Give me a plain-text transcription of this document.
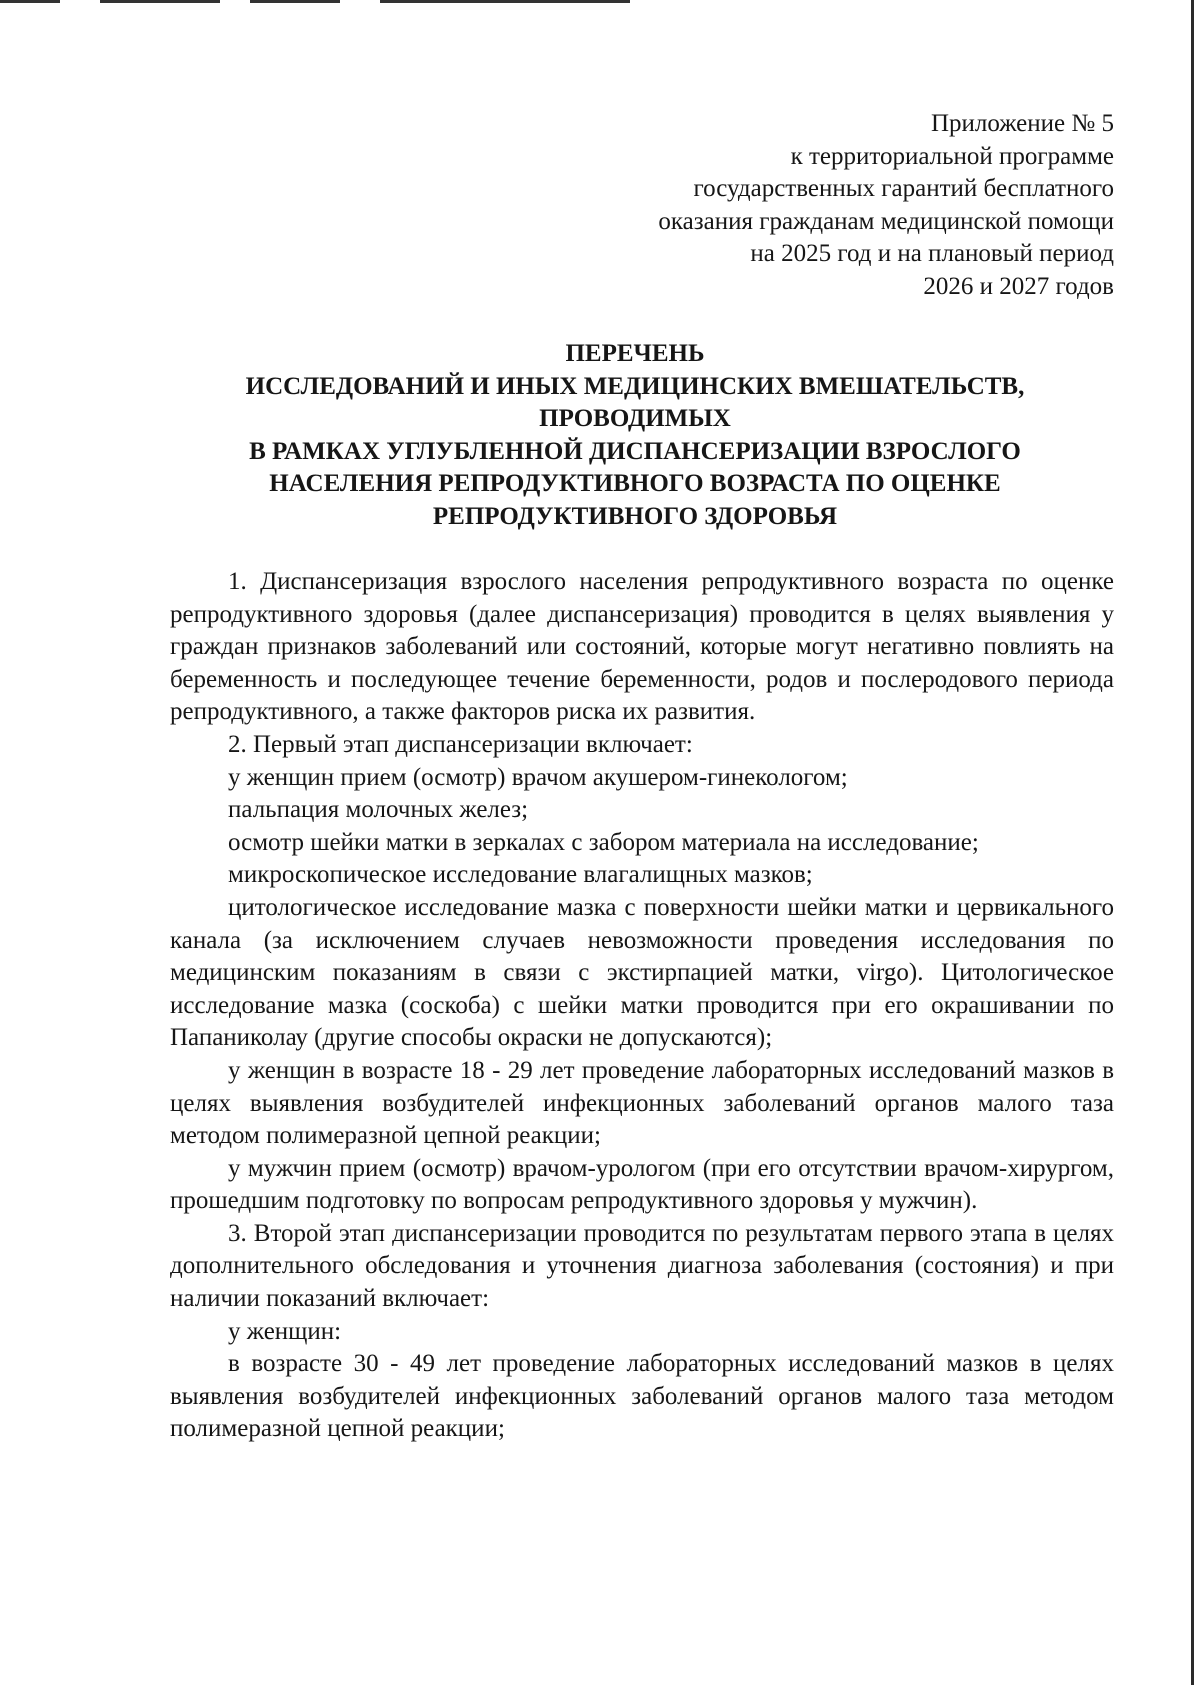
Приложение № 5
к территориальной программе
государственных гарантий бесплатного
оказания гражданам медицинской помощи
на 2025 год и на плановый период
2026 и 2027 годов
ПЕРЕЧЕНЬ
ИССЛЕДОВАНИЙ И ИНЫХ МЕДИЦИНСКИХ ВМЕШАТЕЛЬСТВ,
ПРОВОДИМЫХ
В РАМКАХ УГЛУБЛЕННОЙ ДИСПАНСЕРИЗАЦИИ ВЗРОСЛОГО
НАСЕЛЕНИЯ РЕПРОДУКТИВНОГО ВОЗРАСТА ПО ОЦЕНКЕ
РЕПРОДУКТИВНОГО ЗДОРОВЬЯ

1. Диспансеризация взрослого населения репродуктивного возраста по оценке репродуктивного здоровья (далее диспансеризация) проводится в целях выявления у граждан признаков заболеваний или состояний, которые могут негативно повлиять на беременность и последующее течение беременности, родов и послеродового периода репродуктивного, а также факторов риска их развития.

2. Первый этап диспансеризации включает:

у женщин прием (осмотр) врачом акушером-гинекологом;

пальпация молочных желез;

осмотр шейки матки в зеркалах с забором материала на исследование;

микроскопическое исследование влагалищных мазков;

цитологическое исследование мазка с поверхности шейки матки и цервикального канала (за исключением случаев невозможности проведения исследования по медицинским показаниям в связи с экстирпацией матки, virgo). Цитологическое исследование мазка (соскоба) с шейки матки проводится при его окрашивании по Папаниколау (другие способы окраски не допускаются);

у женщин в возрасте 18 - 29 лет проведение лабораторных исследований мазков в целях выявления возбудителей инфекционных заболеваний органов малого таза методом полимеразной цепной реакции;

у мужчин прием (осмотр) врачом-урологом (при его отсутствии врачом-хирургом, прошедшим подготовку по вопросам репродуктивного здоровья у мужчин).

3. Второй этап диспансеризации проводится по результатам первого этапа в целях дополнительного обследования и уточнения диагноза заболевания (состояния) и при наличии показаний включает:

у женщин:

в возрасте 30 - 49 лет проведение лабораторных исследований мазков в целях выявления возбудителей инфекционных заболеваний органов малого таза методом полимеразной цепной реакции;
